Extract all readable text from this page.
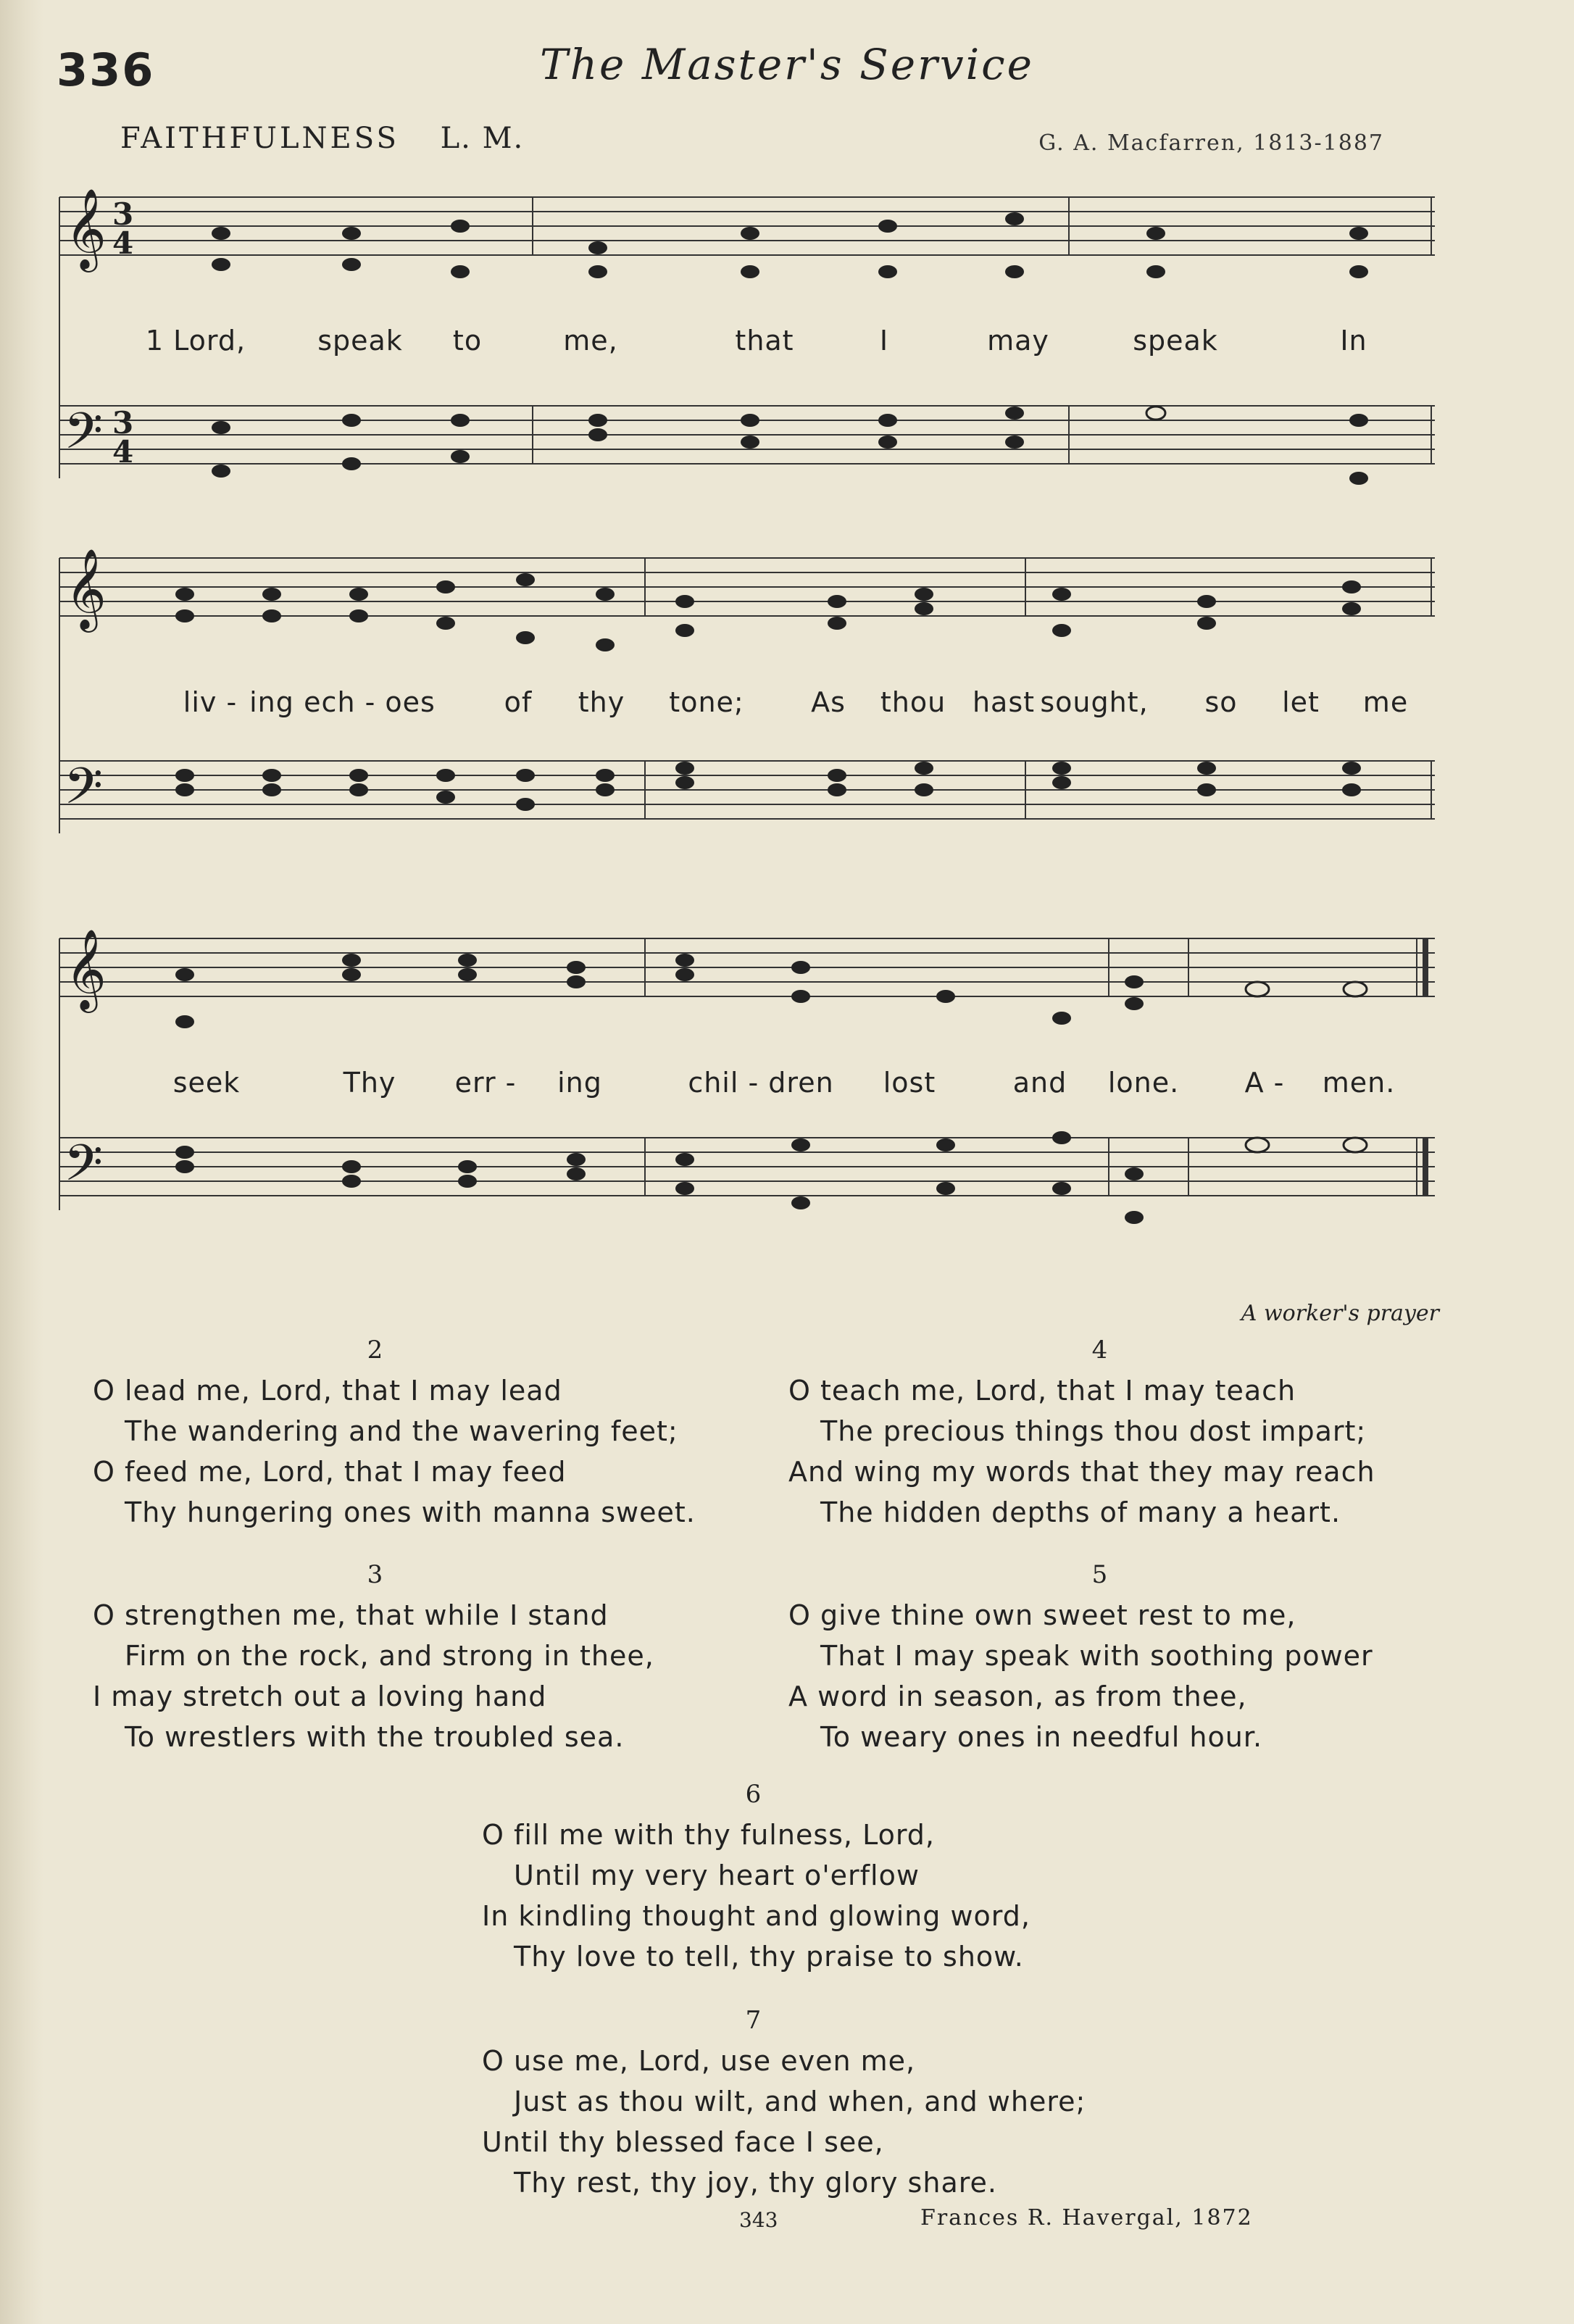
336	The Master's Service
FAITHFULNESS L. M.	G. A. Macfarren, 1813-1887
𝄞
𝄢
𝄞
𝄢
𝄞
𝄢
3
4
3
4
1 Lord,	speak to	me,	that	I	may	speak	In
liv - ing ech - oes of thy tone; As thou hast sought, so let me
seek	Thy err - ing	chil - dren lost	and lone. A - men.
A worker's prayer
2
O lead me, Lord, that I may lead
The wandering and the wavering feet;
O feed me, Lord, that I may feed
Thy hungering ones with manna sweet.
3
O strengthen me, that while I stand
Firm on the rock, and strong in thee,
I may stretch out a loving hand
To wrestlers with the troubled sea.
4
O teach me, Lord, that I may teach
The precious things thou dost impart;
And wing my words that they may reach
The hidden depths of many a heart.
5
O give thine own sweet rest to me,
That I may speak with soothing power
A word in season, as from thee,
To weary ones in needful hour.
6
O fill me with thy fulness, Lord,
Until my very heart o'erflow
In kindling thought and glowing word,
Thy love to tell, thy praise to show.
7
O use me, Lord, use even me,
Just as thou wilt, and when, and where;
Until thy blessed face I see,
Thy rest, thy joy, thy glory share.
343	Frances R. Havergal, 1872
